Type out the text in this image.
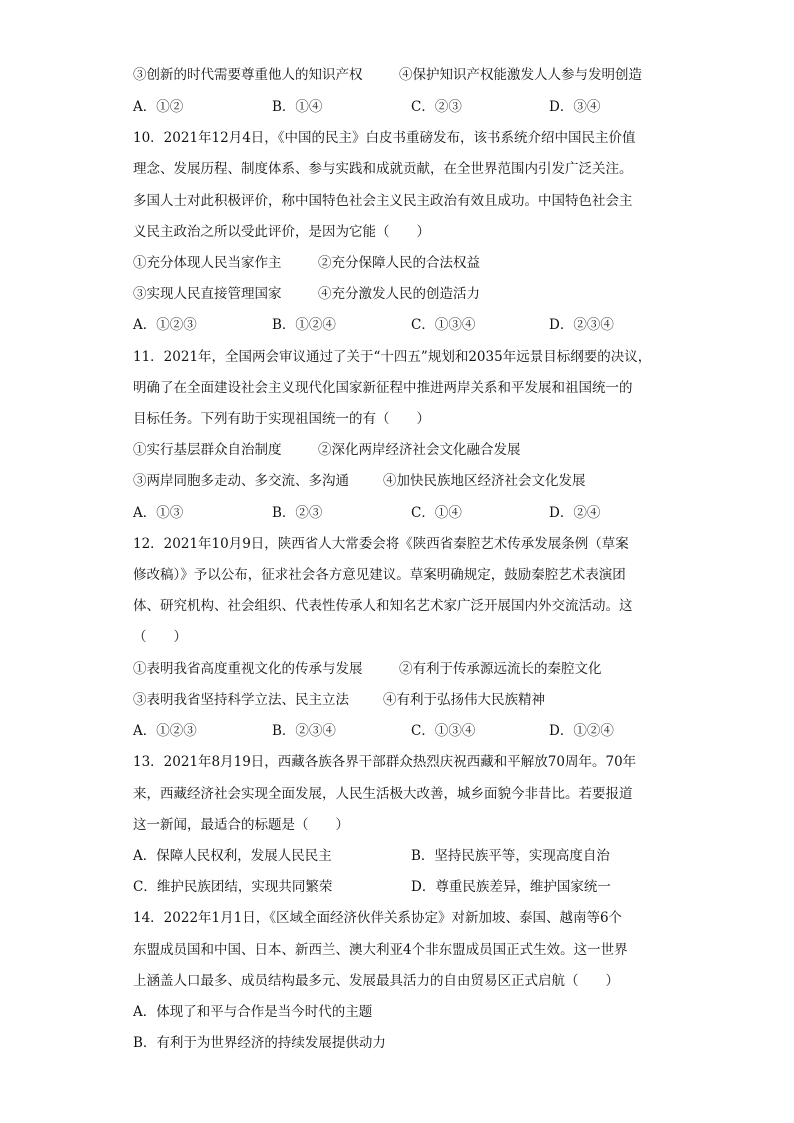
③创新的时代需要尊重他人的知识产权	④保护知识产权能激发人人参与发明创造
A．①②	B．①④	C．②③	D．③④
10．2021年12月4日，《中国的民主》白皮书重磅发布，该书系统介绍中国民主价值
理念、发展历程、制度体系、参与实践和成就贡献，在全世界范围内引发广泛关注。
多国人士对此积极评价，称中国特色社会主义民主政治有效且成功。中国特色社会主
义民主政治之所以受此评价，是因为它能（　　）
①充分体现人民当家作主	②充分保障人民的合法权益
③实现人民直接管理国家	④充分激发人民的创造活力
A．①②③	B．①②④	C．①③④	D．②③④
11．2021年，全国两会审议通过了关于“十四五”规划和2035年远景目标纲要的决议，
明确了在全面建设社会主义现代化国家新征程中推进两岸关系和平发展和祖国统一的
目标任务。下列有助于实现祖国统一的有（　　）
①实行基层群众自治制度	②深化两岸经济社会文化融合发展
③两岸同胞多走动、多交流、多沟通	④加快民族地区经济社会文化发展
A．①③	B．②③	C．①④	D．②④
12．2021年10月9日，陕西省人大常委会将《陕西省秦腔艺术传承发展条例（草案
修改稿）》予以公布，征求社会各方意见建议。草案明确规定，鼓励秦腔艺术表演团
体、研究机构、社会组织、代表性传承人和知名艺术家广泛开展国内外交流活动。这
（　　）
①表明我省高度重视文化的传承与发展	②有利于传承源远流长的秦腔文化
③表明我省坚持科学立法、民主立法	④有利于弘扬伟大民族精神
A．①②③	B．②③④	C．①③④	D．①②④
13．2021年8月19日，西藏各族各界干部群众热烈庆祝西藏和平解放70周年。70年
来，西藏经济社会实现全面发展，人民生活极大改善，城乡面貌今非昔比。若要报道
这一新闻，最适合的标题是（　　）
A．保障人民权利，发展人民民主	B．坚持民族平等，实现高度自治
C．维护民族团结，实现共同繁荣	D．尊重民族差异，维护国家统一
14．2022年1月1日，《区域全面经济伙伴关系协定》对新加坡、泰国、越南等6个
东盟成员国和中国、日本、新西兰、澳大利亚4个非东盟成员国正式生效。这一世界
上涵盖人口最多、成员结构最多元、发展最具活力的自由贸易区正式启航（　　）
A．体现了和平与合作是当今时代的主题
B．有利于为世界经济的持续发展提供动力
